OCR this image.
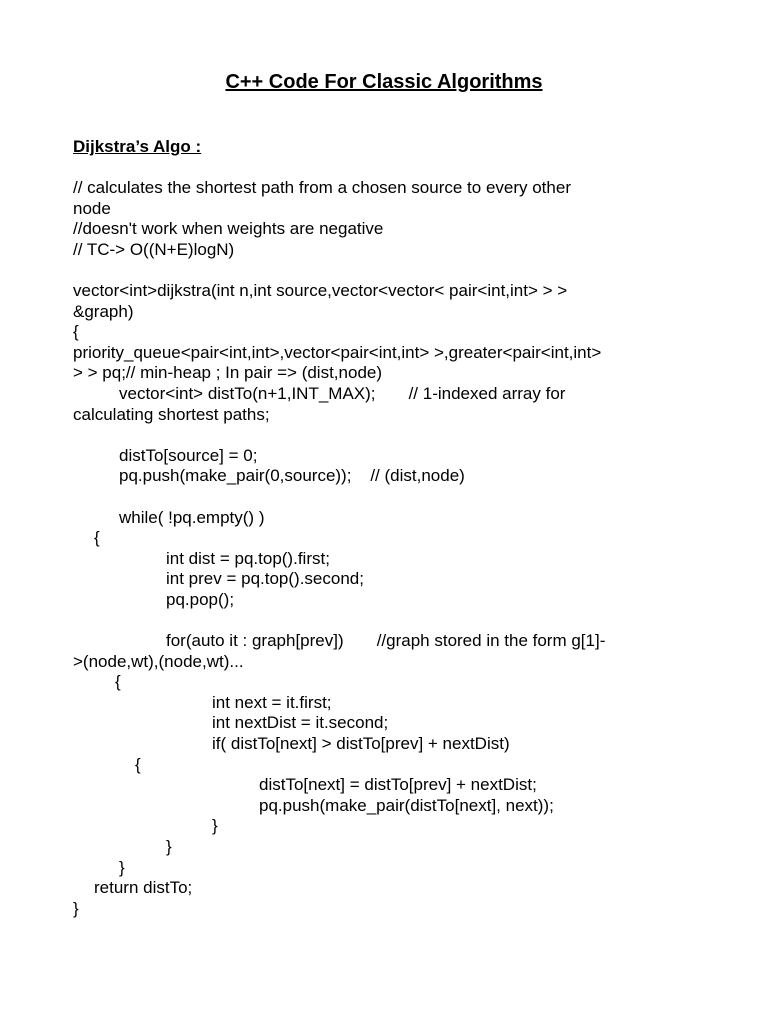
C++ Code For Classic Algorithms
Dijkstra’s Algo :
// calculates the shortest path from a chosen source to every other
node
//doesn't work when weights are negative
// TC-> O((N+E)logN)
vector<int>dijkstra(int n,int source,vector<vector< pair<int,int> > >
&graph)
{
priority_queue<pair<int,int>,vector<pair<int,int> >,greater<pair<int,int>
> > pq;// min-heap ; In pair => (dist,node)
vector<int> distTo(n+1,INT_MAX);       // 1-indexed array for
calculating shortest paths;
distTo[source] = 0;
pq.push(make_pair(0,source));    // (dist,node)
while( !pq.empty() )
{
int dist = pq.top().first;
int prev = pq.top().second;
pq.pop();
for(auto it : graph[prev])       //graph stored in the form g[1]-
>(node,wt),(node,wt)...
{
int next = it.first;
int nextDist = it.second;
if( distTo[next] > distTo[prev] + nextDist)
{
distTo[next] = distTo[prev] + nextDist;
pq.push(make_pair(distTo[next], next));
}
}
}
return distTo;
}
